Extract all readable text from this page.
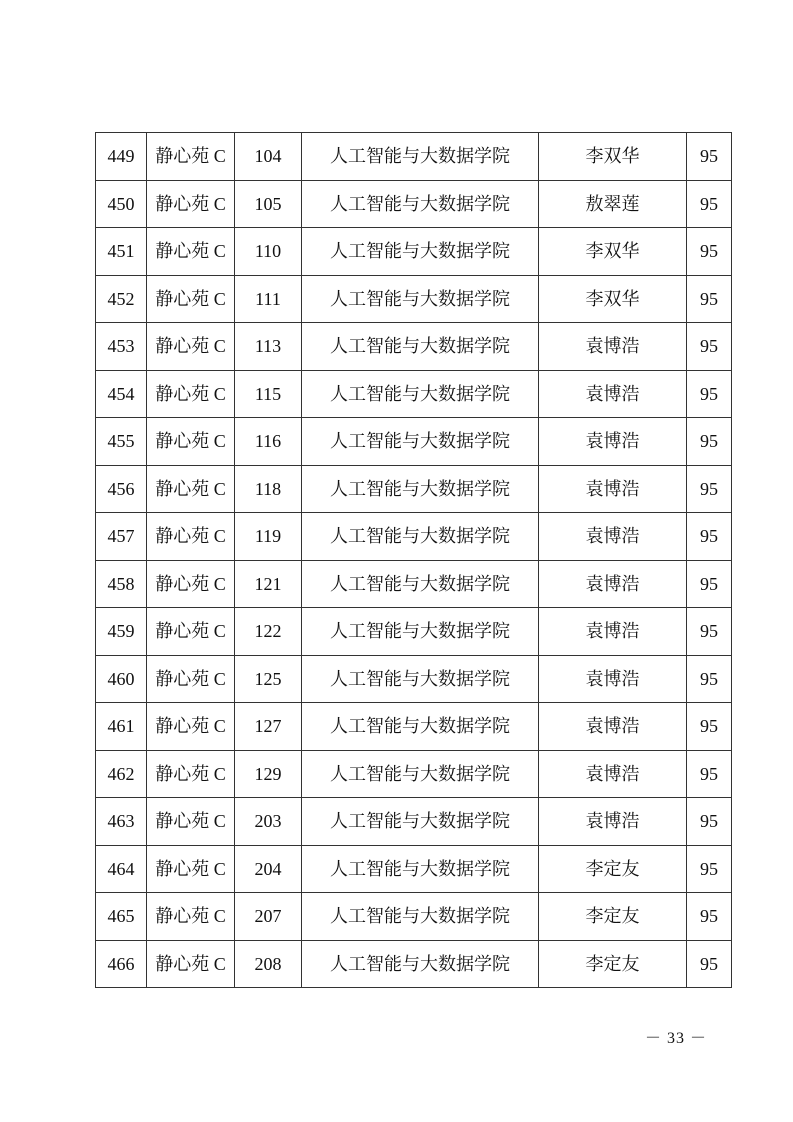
449	静心苑 C	104	人工智能与大数据学院	李双华	95
450	静心苑 C	105	人工智能与大数据学院	敖翠莲	95
451	静心苑 C	110	人工智能与大数据学院	李双华	95
452	静心苑 C	111	人工智能与大数据学院	李双华	95
453	静心苑 C	113	人工智能与大数据学院	袁博浩	95
454	静心苑 C	115	人工智能与大数据学院	袁博浩	95
455	静心苑 C	116	人工智能与大数据学院	袁博浩	95
456	静心苑 C	118	人工智能与大数据学院	袁博浩	95
457	静心苑 C	119	人工智能与大数据学院	袁博浩	95
458	静心苑 C	121	人工智能与大数据学院	袁博浩	95
459	静心苑 C	122	人工智能与大数据学院	袁博浩	95
460	静心苑 C	125	人工智能与大数据学院	袁博浩	95
461	静心苑 C	127	人工智能与大数据学院	袁博浩	95
462	静心苑 C	129	人工智能与大数据学院	袁博浩	95
463	静心苑 C	203	人工智能与大数据学院	袁博浩	95
464	静心苑 C	204	人工智能与大数据学院	李定友	95
465	静心苑 C	207	人工智能与大数据学院	李定友	95
466	静心苑 C	208	人工智能与大数据学院	李定友	95
－ 33 －
